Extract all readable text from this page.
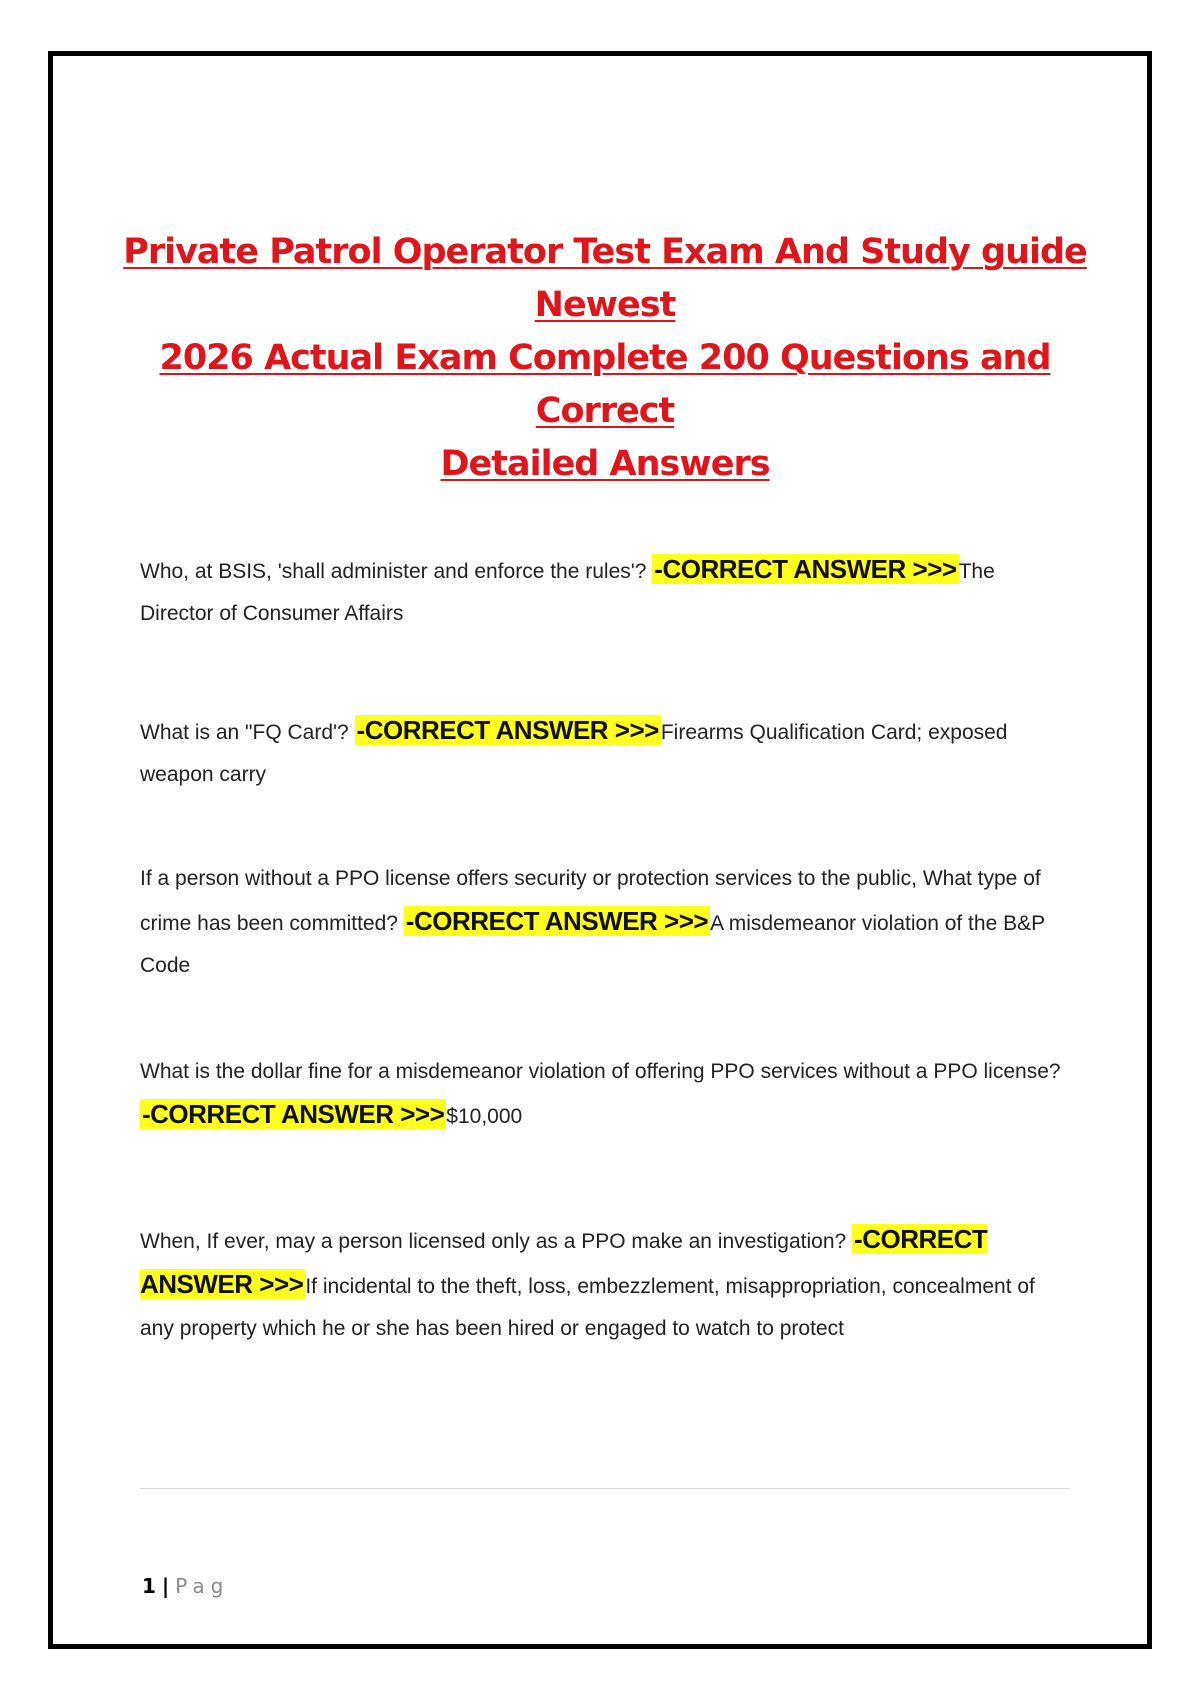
Private Patrol Operator Test Exam And Study guide Newest
2026 Actual Exam Complete 200 Questions and Correct
Detailed Answers
Who, at BSIS, 'shall administer and enforce the rules'? -CORRECT ANSWER >>>The Director of Consumer Affairs
What is an "FQ Card'? -CORRECT ANSWER >>>Firearms Qualification Card; exposed weapon carry
If a person without a PPO license offers security or protection services to the public, What type of crime has been committed? -CORRECT ANSWER >>>A misdemeanor violation of the B&P Code
What is the dollar fine for a misdemeanor violation of offering PPO services without a PPO license? -CORRECT ANSWER >>>$10,000
When, If ever, may a person licensed only as a PPO make an investigation? -CORRECT ANSWER >>>If incidental to the theft, loss, embezzlement, misappropriation, concealment of any property which he or she has been hired or engaged to watch to protect
1 | Pag
